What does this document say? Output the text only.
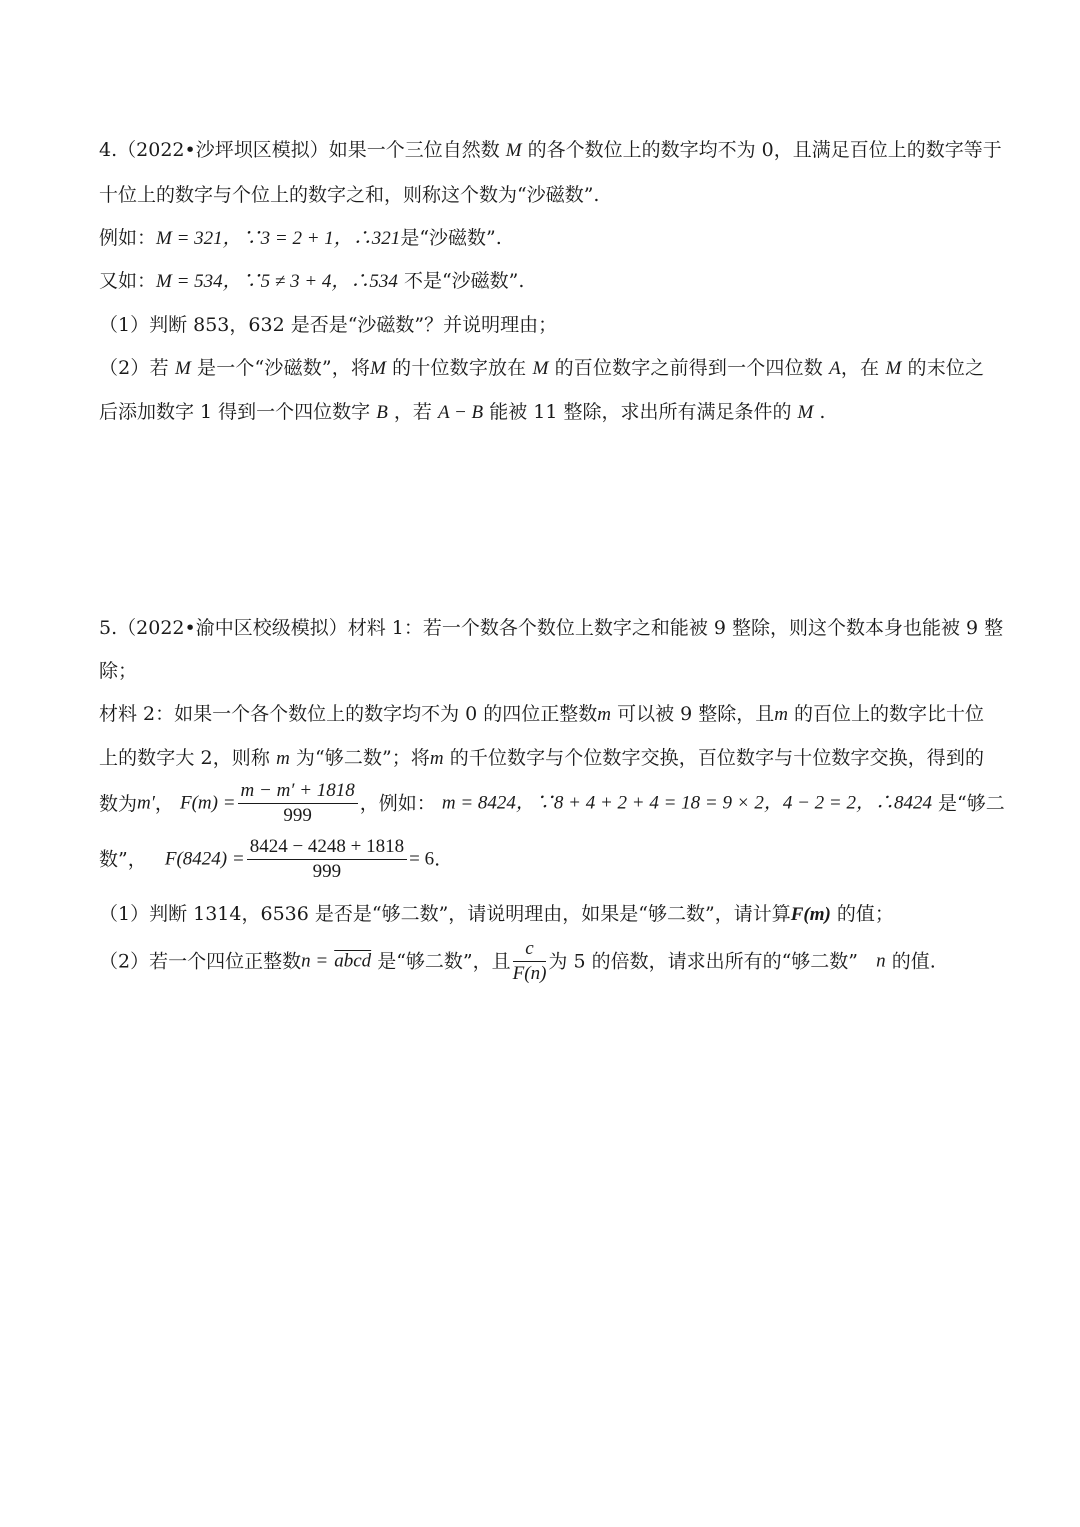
4.（2022•沙坪坝区模拟）如果一个三位自然数 M 的各个数位上的数字均不为 0，且满足百位上的数字等于
十位上的数字与个位上的数字之和，则称这个数为“沙磁数”.
例如：M = 321，∵3 = 2 + 1，∴321是“沙磁数”.
又如：M = 534，∵5 ≠ 3 + 4，∴534 不是“沙磁数”.
（1）判断 853，632 是否是“沙磁数”？并说明理由；
（2）若 M 是一个“沙磁数”，将M 的十位数字放在 M 的百位数字之前得到一个四位数 A，在 M 的末位之
后添加数字 1 得到一个四位数字 B ，若 A − B 能被 11 整除，求出所有满足条件的 M .
5.（2022•渝中区校级模拟）材料 1：若一个数各个数位上数字之和能被 9 整除，则这个数本身也能被 9 整
除；
材料 2：如果一个各个数位上的数字均不为 0 的四位正整数m 可以被 9 整除，且m 的百位上的数字比十位
上的数字大 2，则称 m 为“够二数”；将m 的千位数字与个位数字交换，百位数字与十位数字交换，得到的
数为m′， $F(m) = \frac{m - m' + 1818}{999}$ ，例如： m = 8424，∵8 + 4 + 2 + 4 = 18 = 9 × 2，4 − 2 = 2，∴8424 是“够二
数”， $F(8424) = \frac{8424 - 4248 + 1818}{999} = 6$.
（1）判断 1314，6536 是否是“够二数”，请说明理由，如果是“够二数”，请计算F(m) 的值；
（2）若一个四位正整数n = abcd 是“够二数”，且 $\frac{c}{F(n)}$ 为 5 的倍数，请求出所有的“够二数” n 的值.
